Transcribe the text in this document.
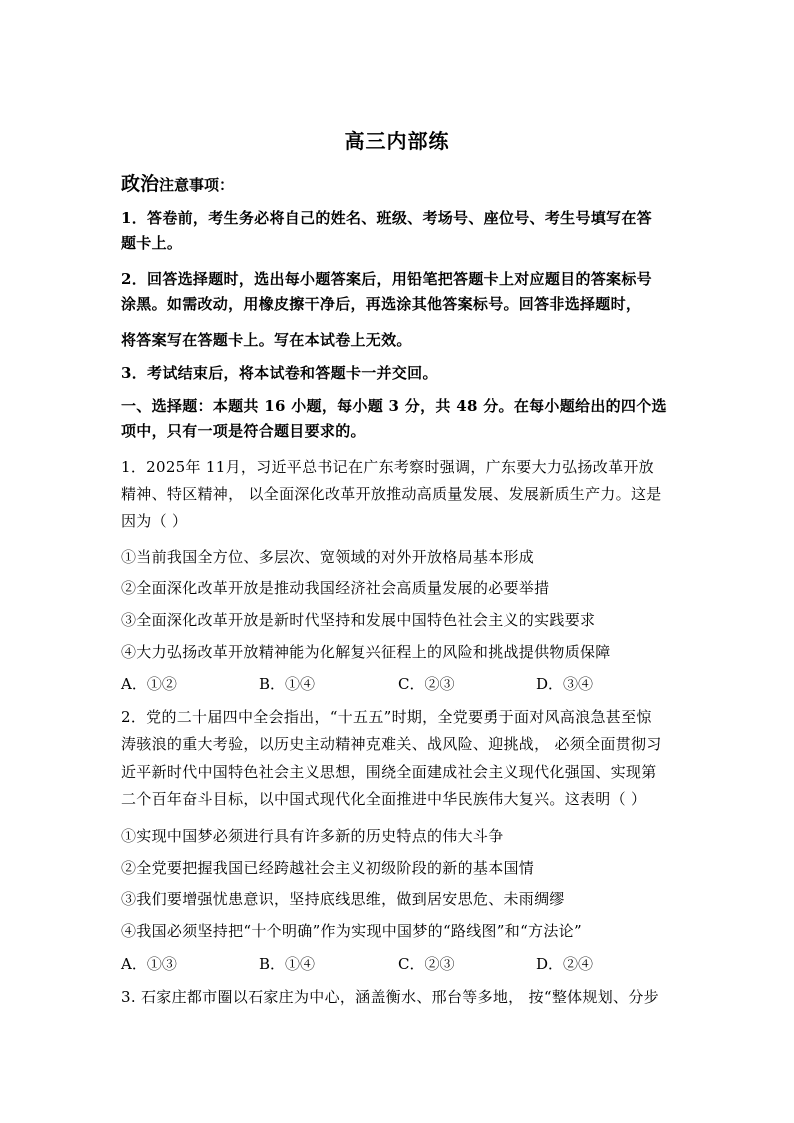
高三内部练
政治注意事项：
1．答卷前，考生务必将自己的姓名、班级、考场号、座位号、考生号填写在答
题卡上。
2．回答选择题时，选出每小题答案后，用铅笔把答题卡上对应题目的答案标号
涂黑。如需改动，用橡皮擦干净后，再选涂其他答案标号。回答非选择题时，
将答案写在答题卡上。写在本试卷上无效。
3．考试结束后，将本试卷和答题卡一并交回。
一、选择题：本题共 16 小题，每小题 3 分，共 48 分。在每小题给出的四个选
项中，只有一项是符合题目要求的。
1．2025年 11月，习近平总书记在广东考察时强调，广东要大力弘扬改革开放
精神、特区精神， 以全面深化改革开放推动高质量发展、发展新质生产力。这是
因为（ ）
①当前我国全方位、多层次、宽领域的对外开放格局基本形成
②全面深化改革开放是推动我国经济社会高质量发展的必要举措
③全面深化改革开放是新时代坚持和发展中国特色社会主义的实践要求
④大力弘扬改革开放精神能为化解复兴征程上的风险和挑战提供物质保障
A．①②	B．①④	C．②③	D．③④
2．党的二十届四中全会指出，“十五五”时期，全党要勇于面对风高浪急甚至惊
涛骇浪的重大考验，以历史主动精神克难关、战风险、迎挑战， 必须全面贯彻习
近平新时代中国特色社会主义思想，围绕全面建成社会主义现代化强国、实现第
二个百年奋斗目标，以中国式现代化全面推进中华民族伟大复兴。这表明（ ）
①实现中国梦必须进行具有许多新的历史特点的伟大斗争
②全党要把握我国已经跨越社会主义初级阶段的新的基本国情
③我们要增强忧患意识，坚持底线思维，做到居安思危、未雨绸缪
④我国必须坚持把“十个明确”作为实现中国梦的“路线图”和“方法论”
A．①③	B．①④	C．②③	D．②④
3. 石家庄都市圈以石家庄为中心，涵盖衡水、邢台等多地， 按“整体规划、分步
